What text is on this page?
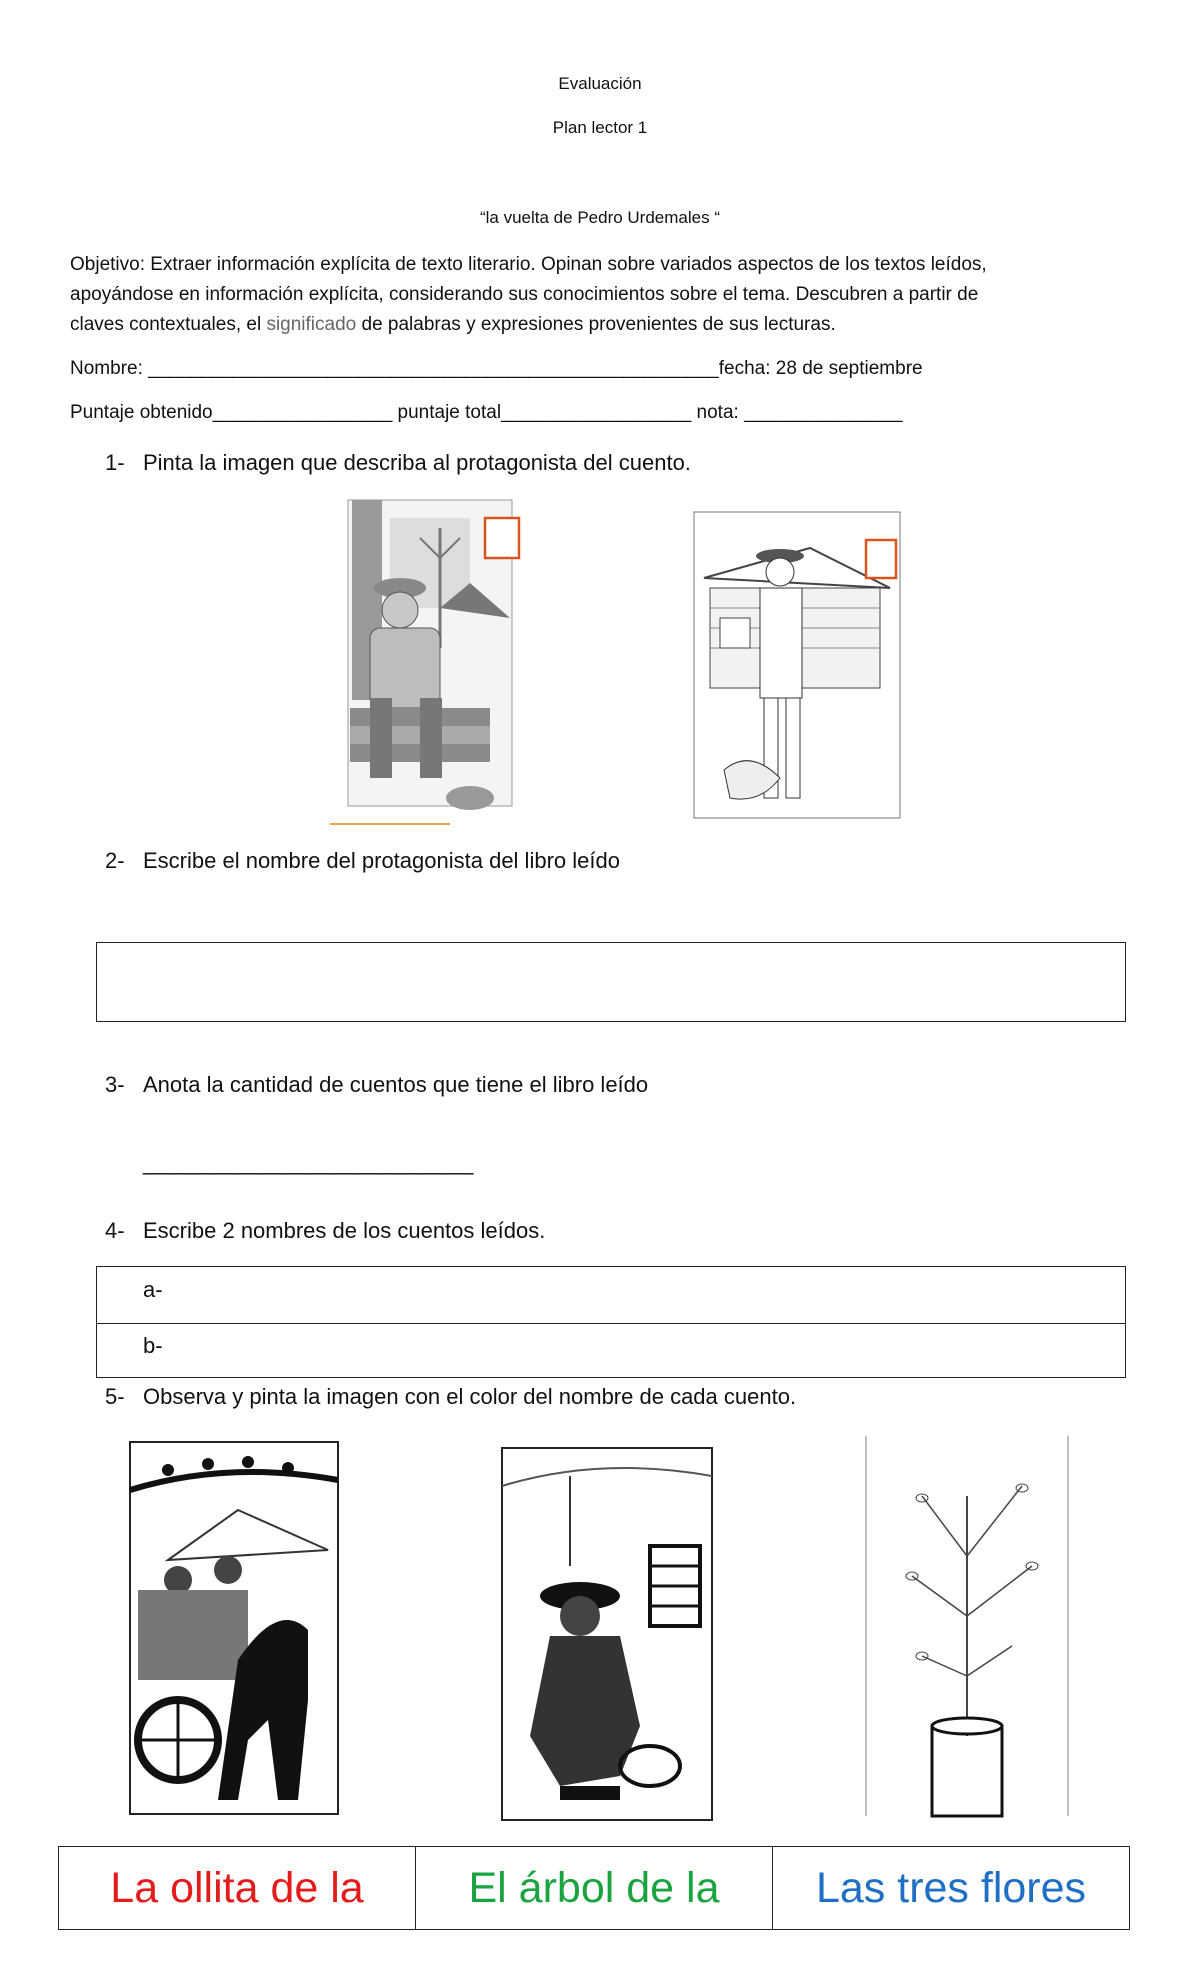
Evaluación
Plan lector 1
“la vuelta de Pedro Urdemales “
Objetivo: Extraer información explícita de texto literario. Opinan sobre variados aspectos de los textos leídos,
apoyándose en información explícita, considerando sus conocimientos sobre el tema. Descubren a partir de
claves contextuales, el significado de palabras y expresiones provenientes de sus lecturas.
Nombre: ______________________________________________________fecha: 28 de septiembre
Puntaje obtenido_________________ puntaje total__________________ nota: _______________
1- Pinta la imagen que describa al protagonista del cuento.
2- Escribe el nombre del protagonista del libro leído
3- Anota la cantidad de cuentos que tiene el libro leído
___________________________
4- Escribe 2 nombres de los cuentos leídos.
a-
b-
5- Observa y pinta la imagen con el color del nombre de cada cuento.
La ollita de la	El árbol de la	Las tres flores
